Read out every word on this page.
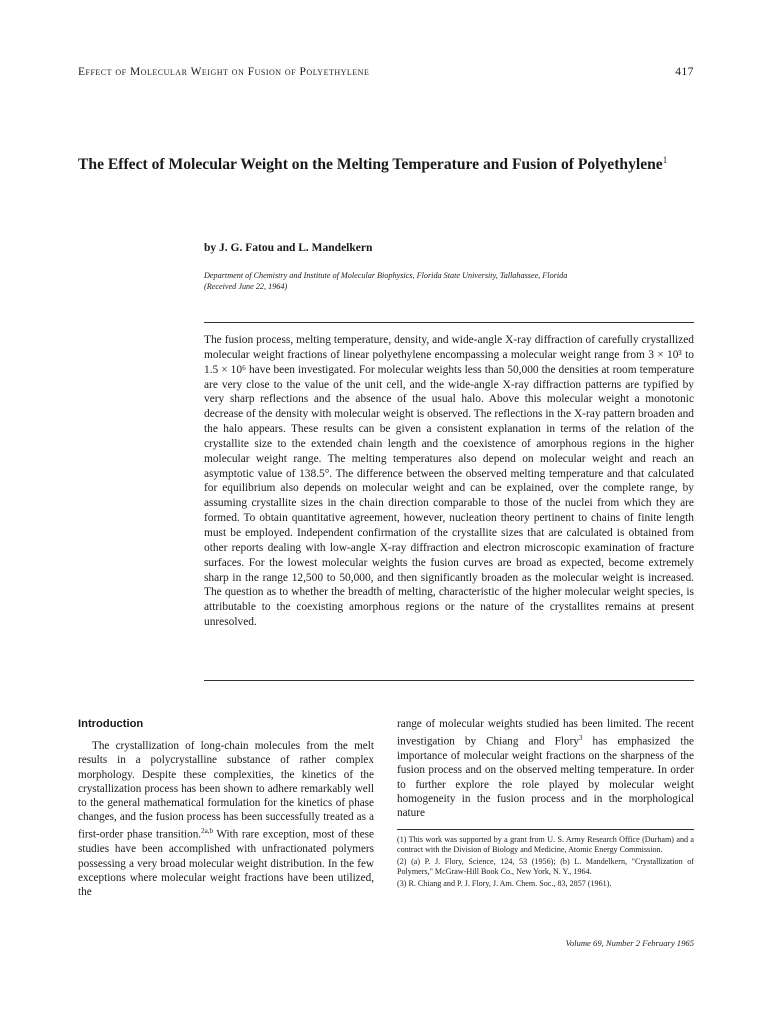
Effect of Molecular Weight on Fusion of Polyethylene	417
The Effect of Molecular Weight on the Melting Temperature and Fusion of Polyethylene$^1$
by J. G. Fatou and L. Mandelkern
Department of Chemistry and Institute of Molecular Biophysics, Florida State University, Tallahassee, Florida
(Received June 22, 1964)
The fusion process, melting temperature, density, and wide-angle X-ray diffraction of carefully crystallized molecular weight fractions of linear polyethylene encompassing a molecular weight range from 3 × 10³ to 1.5 × 10⁶ have been investigated. For molecular weights less than 50,000 the densities at room temperature are very close to the value of the unit cell, and the wide-angle X-ray diffraction patterns are typified by very sharp reflections and the absence of the usual halo. Above this molecular weight a monotonic decrease of the density with molecular weight is observed. The reflections in the X-ray pattern broaden and the halo appears. These results can be given a consistent explanation in terms of the relation of the crystallite size to the extended chain length and the coexistence of amorphous regions in the higher molecular weight range. The melting temperatures also depend on molecular weight and reach an asymptotic value of 138.5°. The difference between the observed melting temperature and that calculated for equilibrium also depends on molecular weight and can be explained, over the complete range, by assuming crystallite sizes in the chain direction comparable to those of the nuclei from which they are formed. To obtain quantitative agreement, however, nucleation theory pertinent to chains of finite length must be employed. Independent confirmation of the crystallite sizes that are calculated is obtained from other reports dealing with low-angle X-ray diffraction and electron microscopic examination of fracture surfaces. For the lowest molecular weights the fusion curves are broad as expected, become extremely sharp in the range 12,500 to 50,000, and then significantly broaden as the molecular weight is increased. The question as to whether the breadth of melting, characteristic of the higher molecular weight species, is attributable to the coexisting amorphous regions or the nature of the crystallites remains at present unresolved.
Introduction

The crystallization of long-chain molecules from the melt results in a polycrystalline substance of rather complex morphology. Despite these complexities, the kinetics of the crystallization process has been shown to adhere remarkably well to the general mathematical formulation for the kinetics of phase changes, and the fusion process has been successfully treated as a first-order phase transition.$^{2a,b}$ With rare exception, most of these studies have been accomplished with unfractionated polymers possessing a very broad molecular weight distribution. In the few exceptions where molecular weight fractions have been utilized, the

range of molecular weights studied has been limited. The recent investigation by Chiang and Flory$^3$ has emphasized the importance of molecular weight fractions on the sharpness of the fusion process and on the observed melting temperature. In order to further explore the role played by molecular weight homogeneity in the fusion process and in the morphological nature

(1) This work was supported by a grant from U. S. Army Research Office (Durham) and a contract with the Division of Biology and Medicine, Atomic Energy Commission.

(2) (a) P. J. Flory, Science, 124, 53 (1956); (b) L. Mandelkern, "Crystallization of Polymers," McGraw-Hill Book Co., New York, N. Y., 1964.

(3) R. Chiang and P. J. Flory, J. Am. Chem. Soc., 83, 2857 (1961).

Volume 69, Number 2 February 1965
